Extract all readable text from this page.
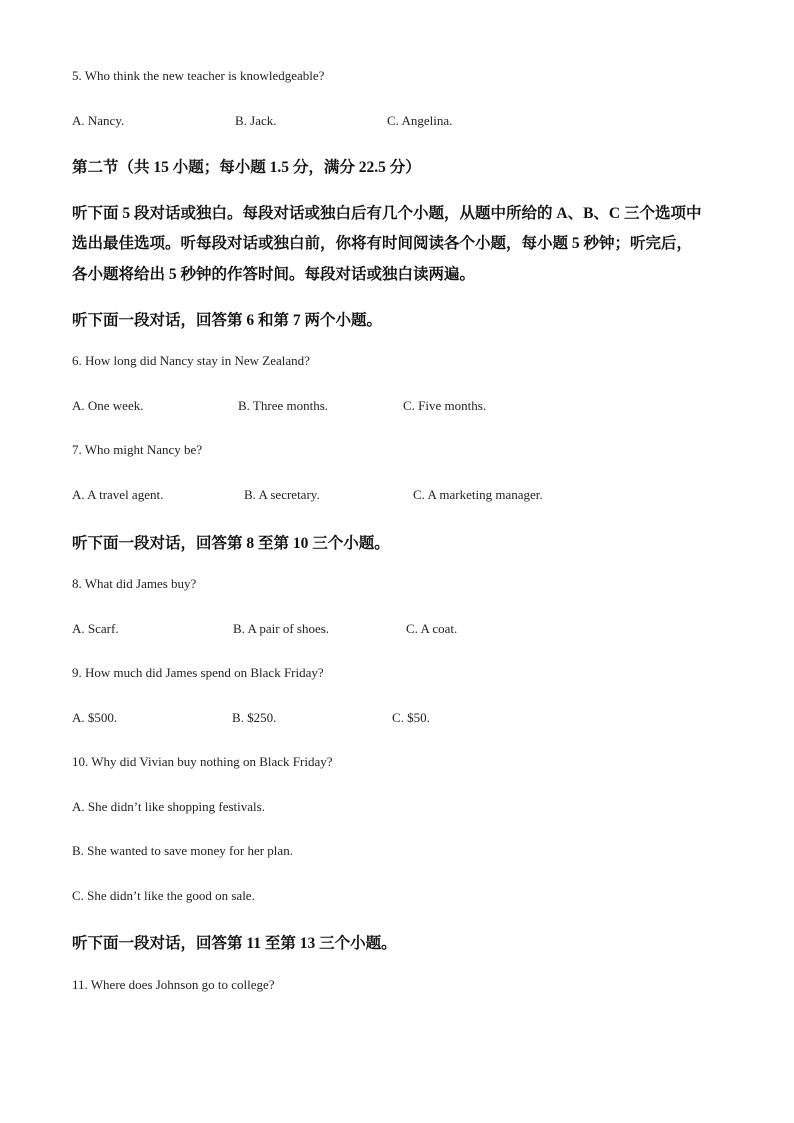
5. Who think the new teacher is knowledgeable?
A. Nancy.	B. Jack.	C. Angelina.
第二节（共 15 小题；每小题 1.5 分，满分 22.5 分）
听下面 5 段对话或独白。每段对话或独白后有几个小题，从题中所给的 A、B、C 三个选项中
选出最佳选项。听每段对话或独白前，你将有时间阅读各个小题，每小题 5 秒钟；听完后，
各小题将给出 5 秒钟的作答时间。每段对话或独白读两遍。
听下面一段对话，回答第 6 和第 7 两个小题。
6. How long did Nancy stay in New Zealand?
A. One week.	B. Three months.	C. Five months.
7. Who might Nancy be?
A. A travel agent.	B. A secretary.	C. A marketing manager.
听下面一段对话，回答第 8 至第 10 三个小题。
8. What did James buy?
A. Scarf.	B. A pair of shoes.	C. A coat.
9. How much did James spend on Black Friday?
A. $500.	B. $250.	C. $50.
10. Why did Vivian buy nothing on Black Friday?
A. She didn’t like shopping festivals.
B. She wanted to save money for her plan.
C. She didn’t like the good on sale.
听下面一段对话，回答第 11 至第 13 三个小题。
11. Where does Johnson go to college?
